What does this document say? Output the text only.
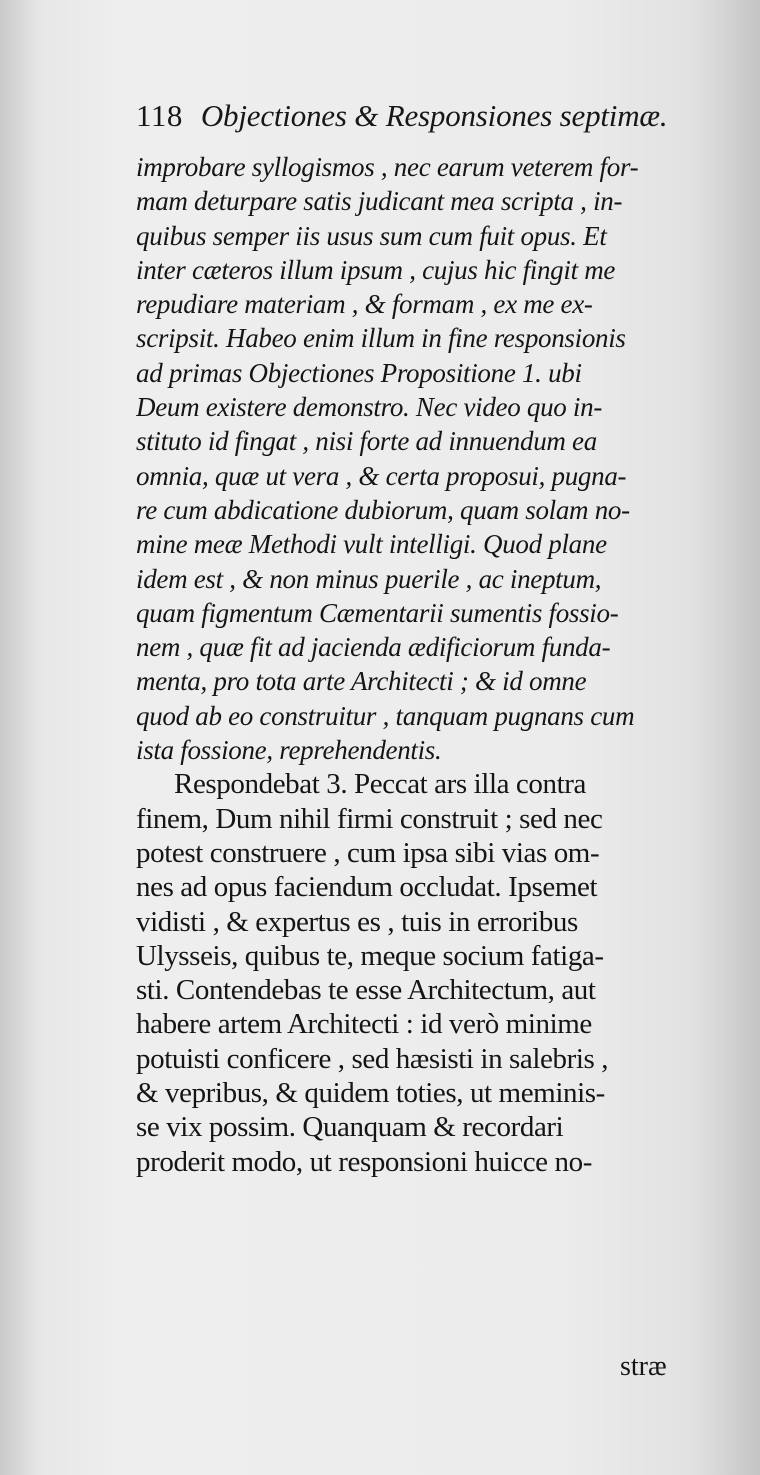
118 Objectiones & Responsiones septimæ.
improbare syllogismos , nec earum veterem for-
mam deturpare satis judicant mea scripta , in-
quibus semper iis usus sum cum fuit opus. Et
inter cæteros illum ipsum , cujus hic fingit me
repudiare materiam , & formam , ex me ex-
scripsit. Habeo enim illum in fine responsionis
ad primas Objectiones Propositione 1. ubi
Deum existere demonstro. Nec video quo in-
stituto id fingat , nisi forte ad innuendum ea
omnia, quæ ut vera , & certa proposui, pugna-
re cum abdicatione dubiorum, quam solam no-
mine meæ Methodi vult intelligi. Quod plane
idem est , & non minus puerile , ac ineptum,
quam figmentum Cæmentarii sumentis fossio-
nem , quæ fit ad jacienda ædificiorum funda-
menta, pro tota arte Architecti ; & id omne
quod ab eo construitur , tanquam pugnans cum
ista fossione, reprehendentis.
Respondebat 3. Peccat ars illa contra
finem, Dum nihil firmi construit ; sed nec
potest construere , cum ipsa sibi vias om-
nes ad opus faciendum occludat. Ipsemet
vidisti , & expertus es , tuis in erroribus
Ulysseis, quibus te, meque socium fatiga-
sti. Contendebas te esse Architectum, aut
habere artem Architecti : id verò minime
potuisti conficere , sed hæsisti in salebris ,
& vepribus, & quidem toties, ut meminis-
se vix possim. Quanquam & recordari
proderit modo, ut responsioni huicce no-
stræ
